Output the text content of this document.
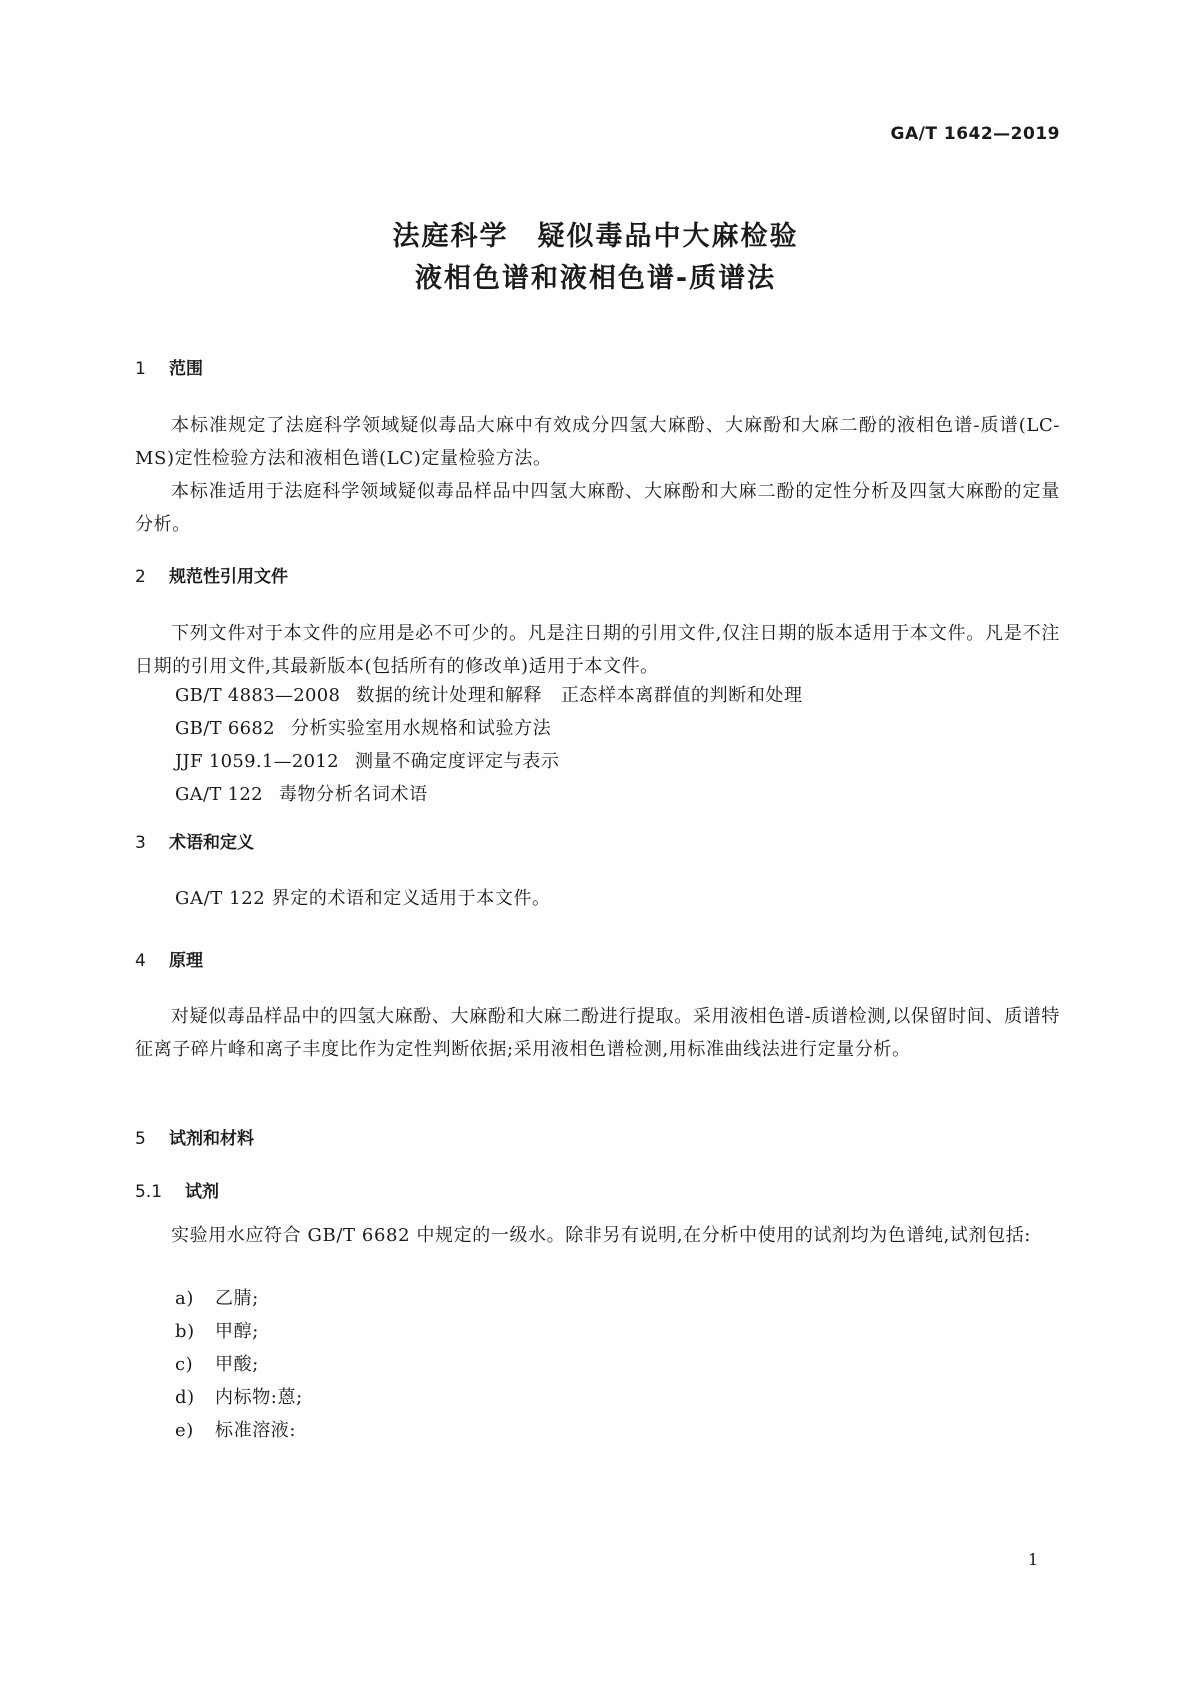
GA/T 1642—2019
法庭科学　疑似毒品中大麻检验
液相色谱和液相色谱-质谱法
1 范围
本标准规定了法庭科学领域疑似毒品大麻中有效成分四氢大麻酚、大麻酚和大麻二酚的液相色谱-质谱(LC-MS)定性检验方法和液相色谱(LC)定量检验方法。
本标准适用于法庭科学领域疑似毒品样品中四氢大麻酚、大麻酚和大麻二酚的定性分析及四氢大麻酚的定量分析。
2 规范性引用文件
下列文件对于本文件的应用是必不可少的。凡是注日期的引用文件,仅注日期的版本适用于本文件。凡是不注日期的引用文件,其最新版本(包括所有的修改单)适用于本文件。
GB/T 4883—2008 数据的统计处理和解释　正态样本离群值的判断和处理
GB/T 6682 分析实验室用水规格和试验方法
JJF 1059.1—2012 测量不确定度评定与表示
GA/T 122 毒物分析名词术语
3 术语和定义
GA/T 122 界定的术语和定义适用于本文件。
4 原理
对疑似毒品样品中的四氢大麻酚、大麻酚和大麻二酚进行提取。采用液相色谱-质谱检测,以保留时间、质谱特征离子碎片峰和离子丰度比作为定性判断依据;采用液相色谱检测,用标准曲线法进行定量分析。
5 试剂和材料
5.1 试剂
实验用水应符合 GB/T 6682 中规定的一级水。除非另有说明,在分析中使用的试剂均为色谱纯,试剂包括:
a) 乙腈;
b) 甲醇;
c) 甲酸;
d) 内标物:蒽;
e) 标准溶液:
1
